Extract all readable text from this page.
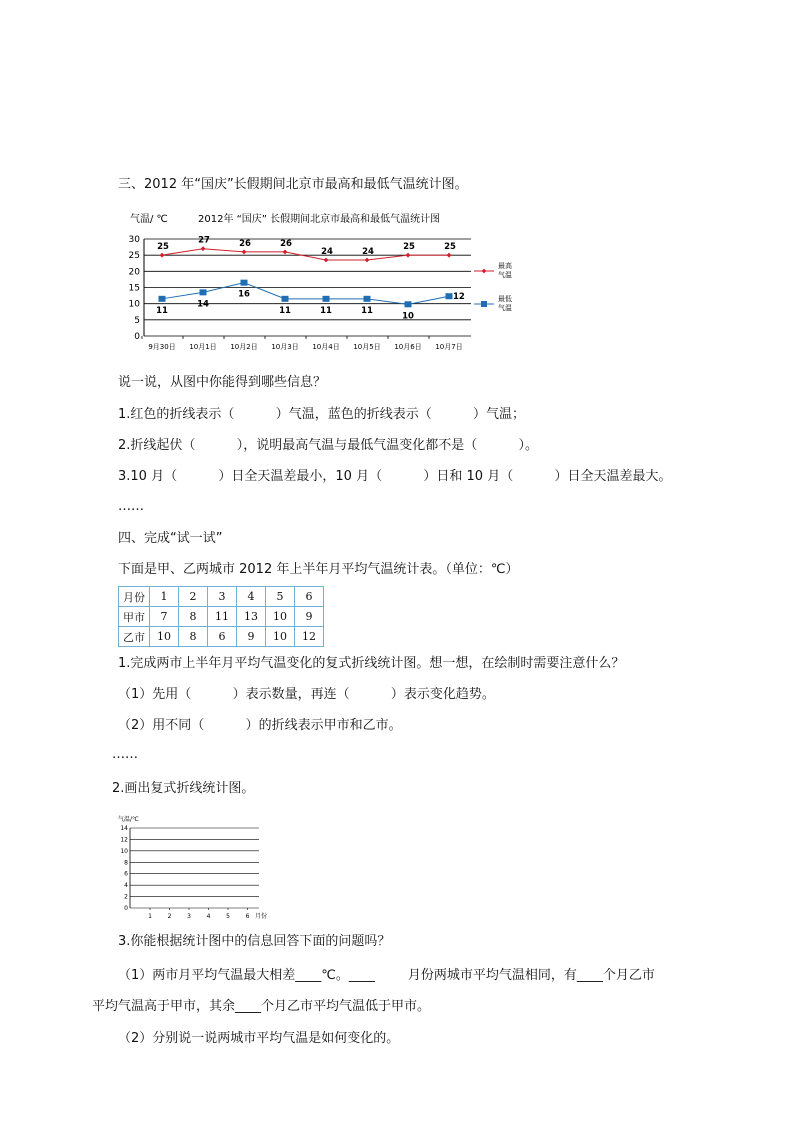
三、2012 年“国庆”长假期间北京市最高和最低气温统计图。
气温/ ℃	2012年 “国庆” 长假期间北京市最高和最低气温统计图
0
5
10
15
20
25
30
9月30日 10月1日 10月2日 10月3日 10月4日 10月5日 10月6日 10月7日
25
27	26	26
24	24	25	25
11
14
16
11	11	11
10
12
最高
气温
最低
气温
说一说，从图中你能得到哪些信息？
1.红色的折线表示（          ）气温，蓝色的折线表示（          ）气温；
2.折线起伏（          ），说明最高气温与最低气温变化都不是（          ）。
3.10 月（          ）日全天温差最小，10 月（          ）日和 10 月（          ）日全天温差最大。
……
四、完成“试一试”
下面是甲、乙两城市 2012 年上半年月平均气温统计表。（单位：℃）
月份	1	2	3	4	5	6
甲市	7	8	11	13	10	9
乙市	10	8	6	9	10	12
1.完成两市上半年月平均气温变化的复式折线统计图。想一想，在绘制时需要注意什么？
（1）先用（          ）表示数量，再连（          ）表示变化趋势。
（2）用不同（          ）的折线表示甲市和乙市。
……
2.画出复式折线统计图。
气温/℃
0
2
4
6
8
10
12
14
1	2	3	4	5	6 月份
3.你能根据统计图中的信息回答下面的问题吗？
（1）两市月平均气温最大相差____℃。____        月份两城市平均气温相同，有____个月乙市
平均气温高于甲市，其余____个月乙市平均气温低于甲市。
（2）分别说一说两城市平均气温是如何变化的。
